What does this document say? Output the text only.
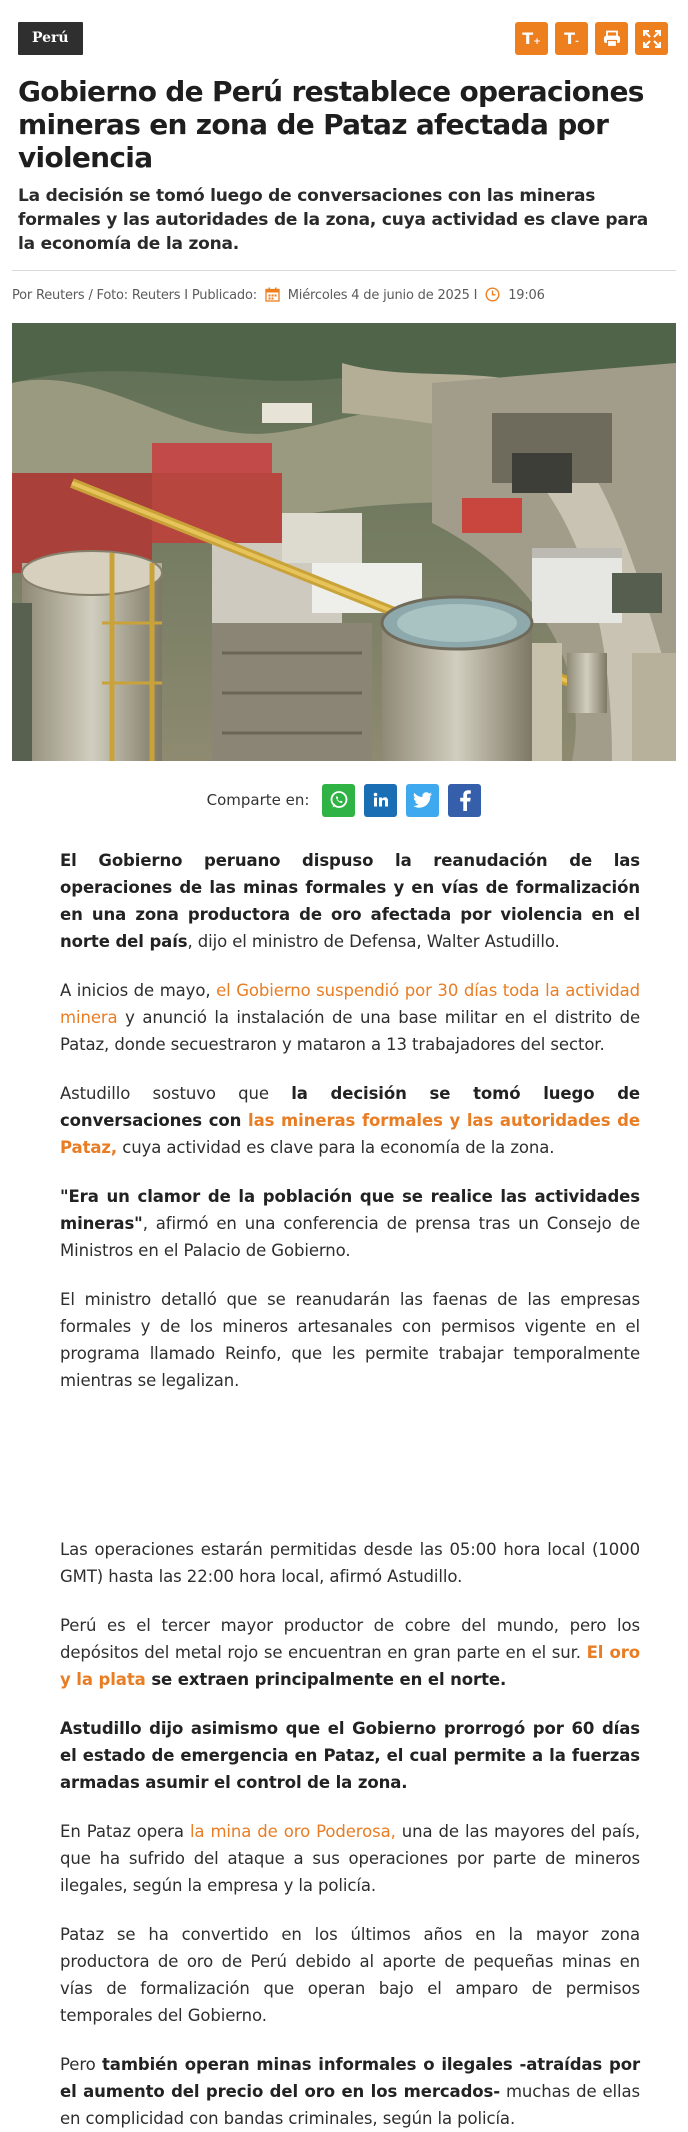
Perú	$T_+$ $T_-$
Gobierno de Perú restablece operaciones mineras en zona de Pataz afectada por violencia
La decisión se tomó luego de conversaciones con las mineras formales y las autoridades de la zona, cuya actividad es clave para la economía de la zona.
Por Reuters / Foto: Reuters I Publicado: Miércoles 4 de junio de 2025 I 19:06
Comparte en:

El Gobierno peruano dispuso la reanudación de las operaciones de las minas formales y en vías de formalización en una zona productora de oro afectada por violencia en el norte del país, dijo el ministro de Defensa, Walter Astudillo.

A inicios de mayo, el Gobierno suspendió por 30 días toda la actividad minera y anunció la instalación de una base militar en el distrito de Pataz, donde secuestraron y mataron a 13 trabajadores del sector.

Astudillo sostuvo que la decisión se tomó luego de conversaciones con las mineras formales y las autoridades de Pataz, cuya actividad es clave para la economía de la zona.

"Era un clamor de la población que se realice las actividades mineras", afirmó en una conferencia de prensa tras un Consejo de Ministros en el Palacio de Gobierno.

El ministro detalló que se reanudarán las faenas de las empresas formales y de los mineros artesanales con permisos vigente en el programa llamado Reinfo, que les permite trabajar temporalmente mientras se legalizan.

Las operaciones estarán permitidas desde las 05:00 hora local (1000 GMT) hasta las 22:00 hora local, afirmó Astudillo.

Perú es el tercer mayor productor de cobre del mundo, pero los depósitos del metal rojo se encuentran en gran parte en el sur. El oro y la plata se extraen principalmente en el norte.

Astudillo dijo asimismo que el Gobierno prorrogó por 60 días el estado de emergencia en Pataz, el cual permite a la fuerzas armadas asumir el control de la zona.

En Pataz opera la mina de oro Poderosa, una de las mayores del país, que ha sufrido del ataque a sus operaciones por parte de mineros ilegales, según la empresa y la policía.

Pataz se ha convertido en los últimos años en la mayor zona productora de oro de Perú debido al aporte de pequeñas minas en vías de formalización que operan bajo el amparo de permisos temporales del Gobierno.

Pero también operan minas informales o ilegales -atraídas por el aumento del precio del oro en los mercados- muchas de ellas en complicidad con bandas criminales, según la policía.
